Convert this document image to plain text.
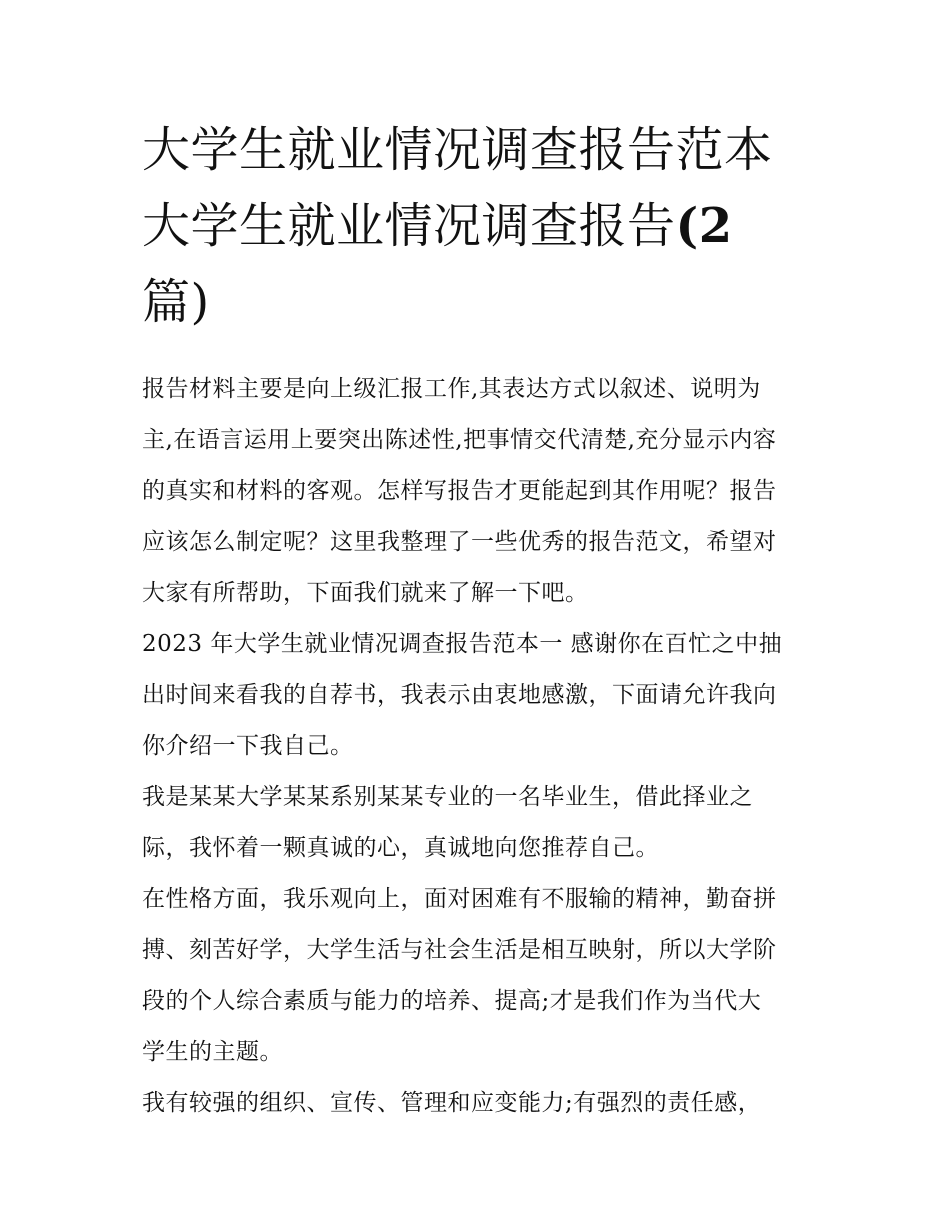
大学生就业情况调查报告范本
大学生就业情况调查报告(2
篇)

报告材料主要是向上级汇报工作,其表达方式以叙述、说明为
主,在语言运用上要突出陈述性,把事情交代清楚,充分显示内容
的真实和材料的客观。怎样写报告才更能起到其作用呢？报告
应该怎么制定呢？这里我整理了一些优秀的报告范文，希望对
大家有所帮助，下面我们就来了解一下吧。

2023 年大学生就业情况调查报告范本一 感谢你在百忙之中抽
出时间来看我的自荐书，我表示由衷地感激，下面请允许我向
你介绍一下我自己。

我是某某大学某某系别某某专业的一名毕业生，借此择业之
际，我怀着一颗真诚的心，真诚地向您推荐自己。

在性格方面，我乐观向上，面对困难有不服输的精神，勤奋拼
搏、刻苦好学，大学生活与社会生活是相互映射，所以大学阶
段的个人综合素质与能力的培养、提高;才是我们作为当代大
学生的主题。

我有较强的组织、宣传、管理和应变能力;有强烈的责任感，
